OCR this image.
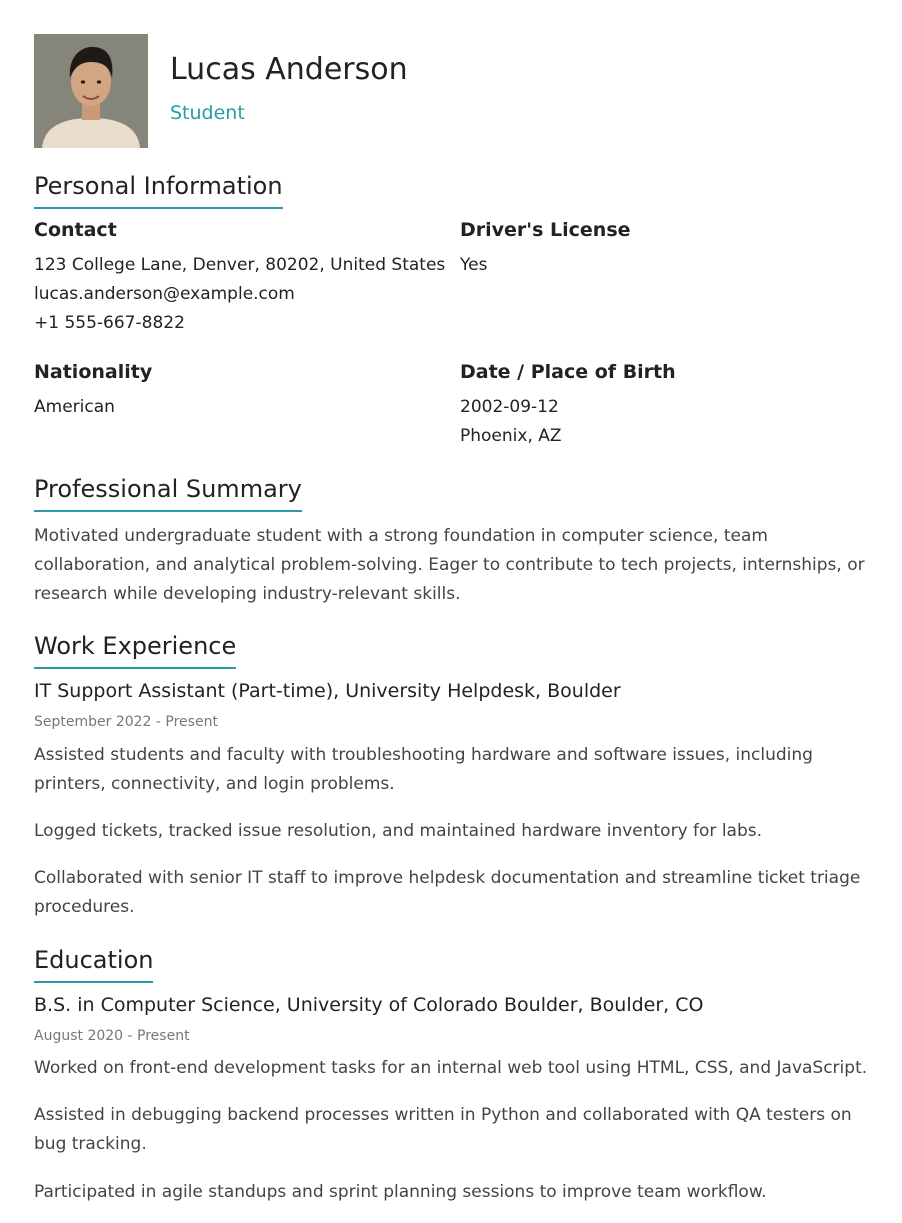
Lucas Anderson
Student
Personal Information
Contact
123 College Lane, Denver, 80202, United States
lucas.anderson@example.com
+1 555-667-8822
Driver's License
Yes
Nationality
American
Date / Place of Birth
2002-09-12
Phoenix, AZ
Professional Summary
Motivated undergraduate student with a strong foundation in computer science, team collaboration, and analytical problem-solving. Eager to contribute to tech projects, internships, or research while developing industry-relevant skills.
Work Experience
IT Support Assistant (Part-time), University Helpdesk, Boulder
September 2022 - Present
Assisted students and faculty with troubleshooting hardware and software issues, including printers, connectivity, and login problems.
Logged tickets, tracked issue resolution, and maintained hardware inventory for labs.
Collaborated with senior IT staff to improve helpdesk documentation and streamline ticket triage procedures.
Education
B.S. in Computer Science, University of Colorado Boulder, Boulder, CO
August 2020 - Present
Worked on front-end development tasks for an internal web tool using HTML, CSS, and JavaScript.
Assisted in debugging backend processes written in Python and collaborated with QA testers on bug tracking.
Participated in agile standups and sprint planning sessions to improve team workflow.
